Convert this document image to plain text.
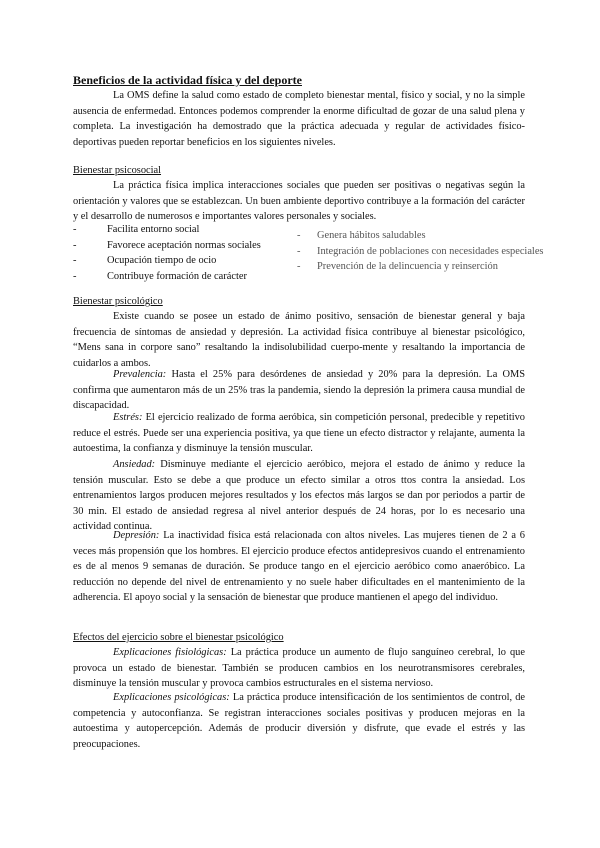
Beneficios de la actividad física y del deporte

La OMS define la salud como estado de completo bienestar mental, físico y social, y no la simple ausencia de enfermedad. Entonces podemos comprender la enorme dificultad de gozar de una salud plena y completa. La investigación ha demostrado que la práctica adecuada y regular de actividades físico-deportivas pueden reportar beneficios en los siguientes niveles.

Bienestar psicosocial

La práctica física implica interacciones sociales que pueden ser positivas o negativas según la orientación y valores que se establezcan. Un buen ambiente deportivo contribuye a la formación del carácter y el desarrollo de numerosos e importantes valores personales y sociales.

- Facilita entorno social
- Favorece aceptación normas sociales
- Ocupación tiempo de ocio
- Contribuye formación de carácter
- Genera hábitos saludables
- Integración de poblaciones con necesidades especiales
- Prevención de la delincuencia y reinserción
Bienestar psicológico

Existe cuando se posee un estado de ánimo positivo, sensación de bienestar general y baja frecuencia de síntomas de ansiedad y depresión. La actividad física contribuye al bienestar psicológico, “Mens sana in corpore sano” resaltando la indisolubilidad cuerpo-mente y resaltando la importancia de cuidarlos a ambos.

Prevalencia: Hasta el 25% para desórdenes de ansiedad y 20% para la depresión. La OMS confirma que aumentaron más de un 25% tras la pandemia, siendo la depresión la primera causa mundial de discapacidad.

Estrés: El ejercicio realizado de forma aeróbica, sin competición personal, predecible y repetitivo reduce el estrés. Puede ser una experiencia positiva, ya que tiene un efecto distractor y relajante, aumenta la autoestima, la confianza y disminuye la tensión muscular.

Ansiedad: Disminuye mediante el ejercicio aeróbico, mejora el estado de ánimo y reduce la tensión muscular. Esto se debe a que produce un efecto similar a otros ttos contra la ansiedad. Los entrenamientos largos producen mejores resultados y los efectos más largos se dan por periodos a partir de 30 min. El estado de ansiedad regresa al nivel anterior después de 24 horas, por lo es necesario una actividad continua.

Depresión: La inactividad física está relacionada con altos niveles. Las mujeres tienen de 2 a 6 veces más propensión que los hombres. El ejercicio produce efectos antidepresivos cuando el entrenamiento es de al menos 9 semanas de duración. Se produce tango en el ejercicio aeróbico como anaeróbico. La reducción no depende del nivel de entrenamiento y no suele haber dificultades en el mantenimiento de la adherencia. El apoyo social y la sensación de bienestar que produce mantienen el apego del individuo.

Efectos del ejercicio sobre el bienestar psicológico

Explicaciones fisiológicas: La práctica produce un aumento de flujo sanguíneo cerebral, lo que provoca un estado de bienestar. También se producen cambios en los neurotransmisores cerebrales, disminuye la tensión muscular y provoca cambios estructurales en el sistema nervioso.

Explicaciones psicológicas: La práctica produce intensificación de los sentimientos de control, de competencia y autoconfianza. Se registran interacciones sociales positivas y producen mejoras en la autoestima y autopercepción. Además de producir diversión y disfrute, que evade el estrés y las preocupaciones.
